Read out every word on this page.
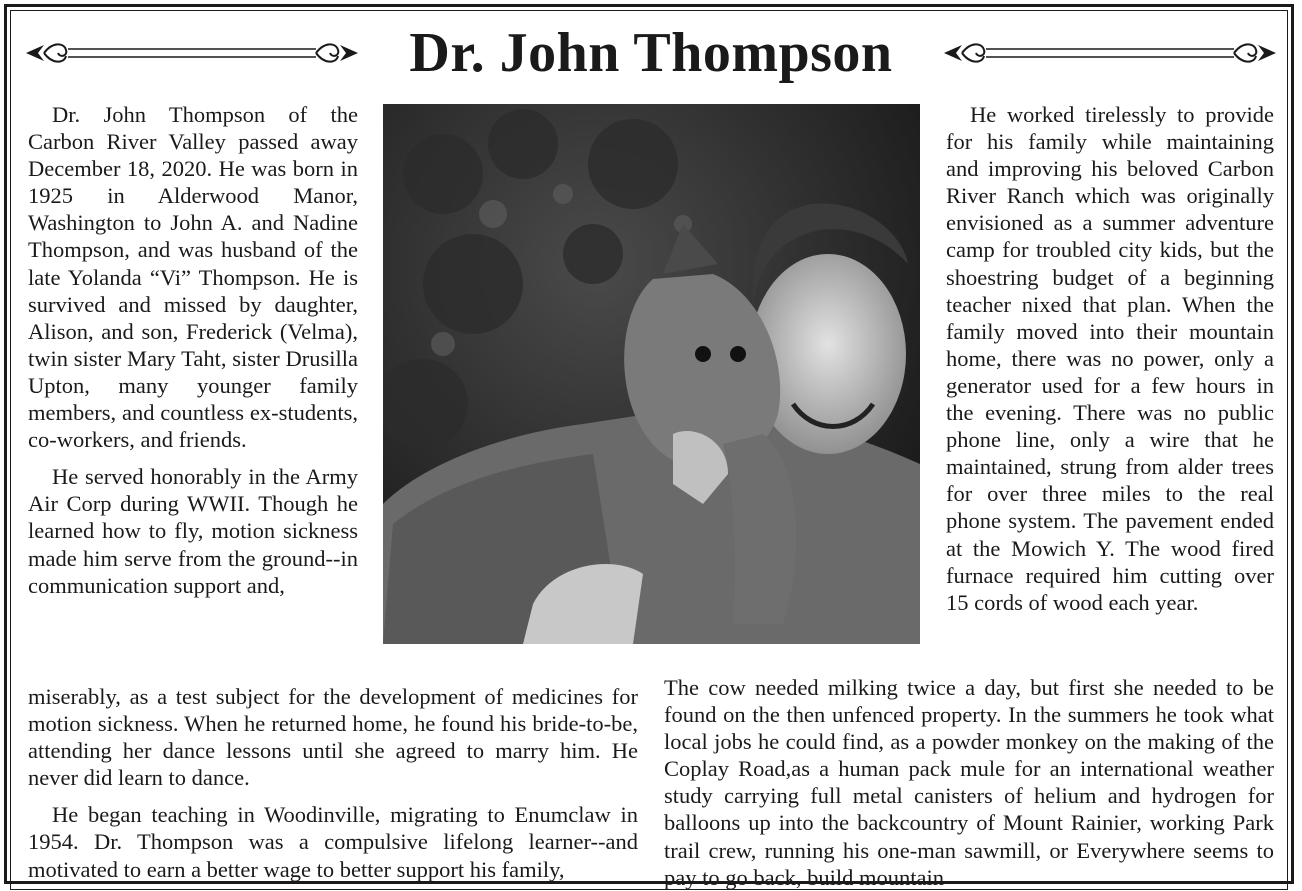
Dr. John Thompson

Dr. John Thompson of the Carbon River Valley passed away December 18, 2020. He was born in 1925 in Alderwood Manor, Washington to John A. and Nadine Thompson, and was husband of the late Yolanda “Vi” Thompson. He is survived and missed by daughter, Alison, and son, Frederick (Velma), twin sister Mary Taht, sister Drusilla Upton, many younger family members, and countless ex-students, co-workers, and friends.

He served honorably in the Army Air Corp during WWII. Though he learned how to fly, motion sickness made him serve from the ground--in communication support and,

He worked tirelessly to provide for his family while maintaining and improving his beloved Carbon River Ranch which was originally envisioned as a summer adventure camp for troubled city kids, but the shoestring budget of a beginning teacher nixed that plan. When the family moved into their mountain home, there was no power, only a generator used for a few hours in the evening. There was no public phone line, only a wire that he maintained, strung from alder trees for over three miles to the real phone system. The pavement ended at the Mowich Y. The wood fired furnace required him cutting over 15 cords of wood each year.

miserably, as a test subject for the development of medicines for motion sickness. When he returned home, he found his bride-to-be, attending her dance lessons until she agreed to marry him. He never did learn to dance.

He began teaching in Woodinville, migrating to Enumclaw in 1954. Dr. Thompson was a compulsive lifelong learner--and motivated to earn a better wage to better support his family,

The cow needed milking twice a day, but first she needed to be found on the then unfenced property. In the summers he took what local jobs he could find, as a powder monkey on the making of the Coplay Road,as a human pack mule for an international weather study carrying full metal canisters of helium and hydrogen for balloons up into the backcountry of Mount Rainier, working Park trail crew, running his one-man sawmill, or Everywhere seems to pay to go back, build mountain
